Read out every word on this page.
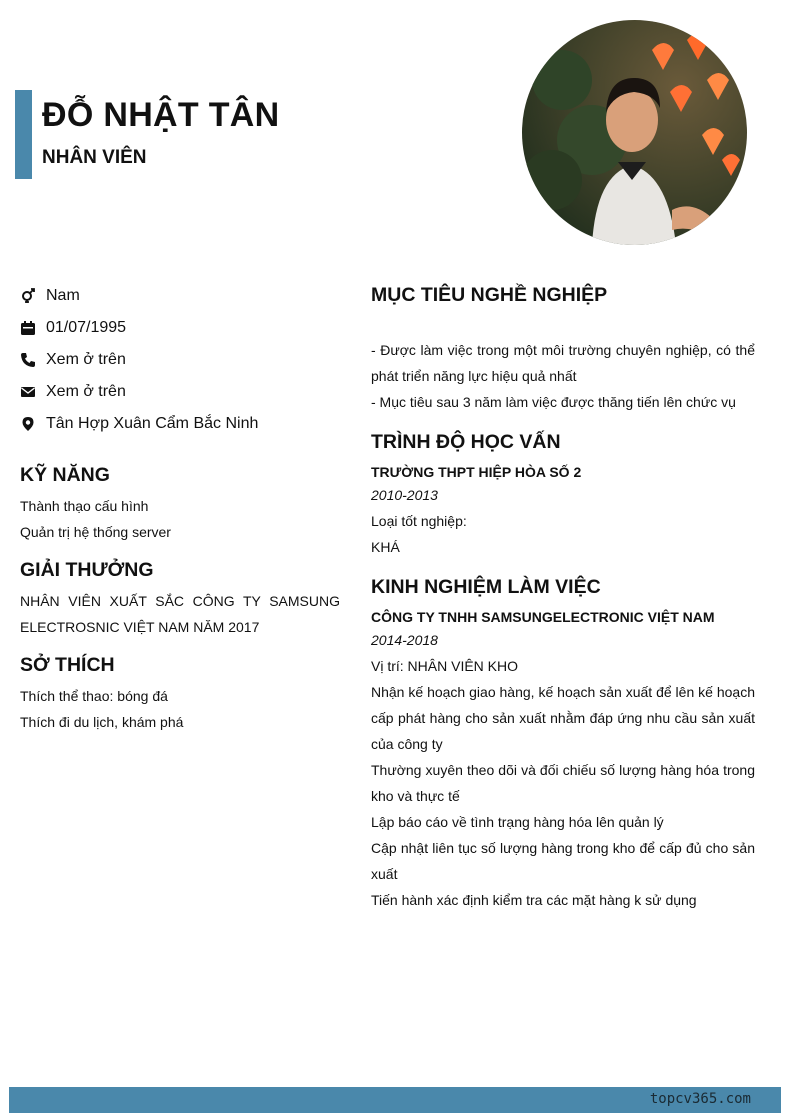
ĐỖ NHẬT TÂN
NHÂN VIÊN
Nam
01/07/1995
Xem ở trên
Xem ở trên
Tân Hợp Xuân Cẩm Bắc Ninh
KỸ NĂNG
Thành thạo cấu hình
Quản trị hệ thống server
GIẢI THƯỞNG
NHÂN VIÊN XUẤT SẮC CÔNG TY SAMSUNG ELECTROSNIC VIỆT NAM NĂM 2017
SỞ THÍCH
Thích thể thao: bóng đá
Thích đi du lịch, khám phá
MỤC TIÊU NGHỀ NGHIỆP
- Được làm việc trong một môi trường chuyên nghiệp, có thể phát triển năng lực hiệu quả nhất
- Mục tiêu sau 3 năm làm việc được thăng tiến lên chức vụ
TRÌNH ĐỘ HỌC VẤN
TRƯỜNG THPT HIỆP HÒA SỐ 2
2010-2013
Loại tốt nghiệp:
KHÁ
KINH NGHIỆM LÀM VIỆC
CÔNG TY TNHH SAMSUNGELECTRONIC VIỆT NAM
2014-2018
Vị trí: NHÂN VIÊN KHO
Nhận kế hoạch giao hàng, kế hoạch sản xuất để lên kế hoạch cấp phát hàng cho sản xuất nhằm đáp ứng nhu cầu sản xuất của công ty
Thường xuyên theo dõi và đối chiếu số lượng hàng hóa trong kho và thực tế
Lập báo cáo về tình trạng hàng hóa lên quản lý
Cập nhật liên tục số lượng hàng trong kho để cấp đủ cho sản xuất
Tiến hành xác định kiểm tra các mặt hàng k sử dụng
topcv365.com
